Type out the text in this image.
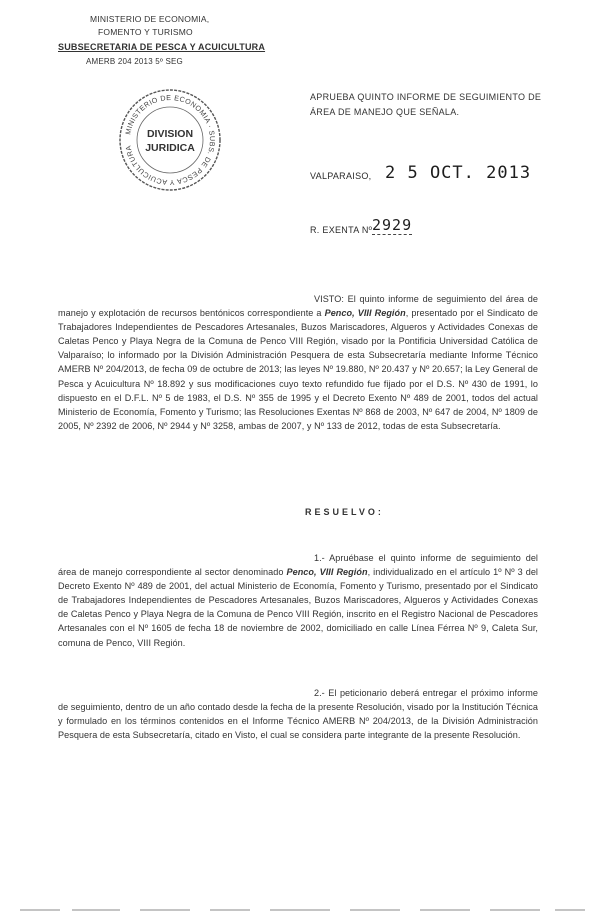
MINISTERIO DE ECONOMIA,
FOMENTO Y TURISMO
SUBSECRETARIA DE PESCA Y ACUICULTURA
AMERB 204 2013 5º SEG
MINISTERIO DE ECONOMIA · SUBS. DE PESCA Y ACUICULTURA
DIVISION
JURIDICA
APRUEBA QUINTO INFORME DE SEGUIMIENTO DE ÁREA DE MANEJO QUE SEÑALA.
VALPARAISO, 2 5 OCT. 2013
R. EXENTA Nº 2929
VISTO: El quinto informe de seguimiento del área de manejo y explotación de recursos bentónicos correspondiente a Penco, VIII Región, presentado por el Sindicato de Trabajadores Independientes de Pescadores Artesanales, Buzos Mariscadores, Algueros y Actividades Conexas de Caletas Penco y Playa Negra de la Comuna de Penco VIII Región, visado por la Pontificia Universidad Católica de Valparaíso; lo informado por la División Administración Pesquera de esta Subsecretaría mediante Informe Técnico AMERB Nº 204/2013, de fecha 09 de octubre de 2013; las leyes Nº 19.880, Nº 20.437 y Nº 20.657; la Ley General de Pesca y Acuicultura Nº 18.892 y sus modificaciones cuyo texto refundido fue fijado por el D.S. Nº 430 de 1991, lo dispuesto en el D.F.L. Nº 5 de 1983, el D.S. Nº 355 de 1995 y el Decreto Exento Nº 489 de 2001, todos del actual Ministerio de Economía, Fomento y Turismo; las Resoluciones Exentas Nº 868 de 2003, Nº 647 de 2004, Nº 1809 de 2005, Nº 2392 de 2006, Nº 2944 y Nº 3258, ambas de 2007, y Nº 133 de 2012, todas de esta Subsecretaría.
RESUELVO:
1.- Apruébase el quinto informe de seguimiento del área de manejo correspondiente al sector denominado Penco, VIII Región, individualizado en el artículo 1º Nº 3 del Decreto Exento Nº 489 de 2001, del actual Ministerio de Economía, Fomento y Turismo, presentado por el Sindicato de Trabajadores Independientes de Pescadores Artesanales, Buzos Mariscadores, Algueros y Actividades Conexas de Caletas Penco y Playa Negra de la Comuna de Penco VIII Región, inscrito en el Registro Nacional de Pescadores Artesanales con el Nº 1605 de fecha 18 de noviembre de 2002, domiciliado en calle Línea Férrea Nº 9, Caleta Sur, comuna de Penco, VIII Región.
2.- El peticionario deberá entregar el próximo informe de seguimiento, dentro de un año contado desde la fecha de la presente Resolución, visado por la Institución Técnica y formulado en los términos contenidos en el Informe Técnico AMERB Nº 204/2013, de la División Administración Pesquera de esta Subsecretaría, citado en Visto, el cual se considera parte integrante de la presente Resolución.
